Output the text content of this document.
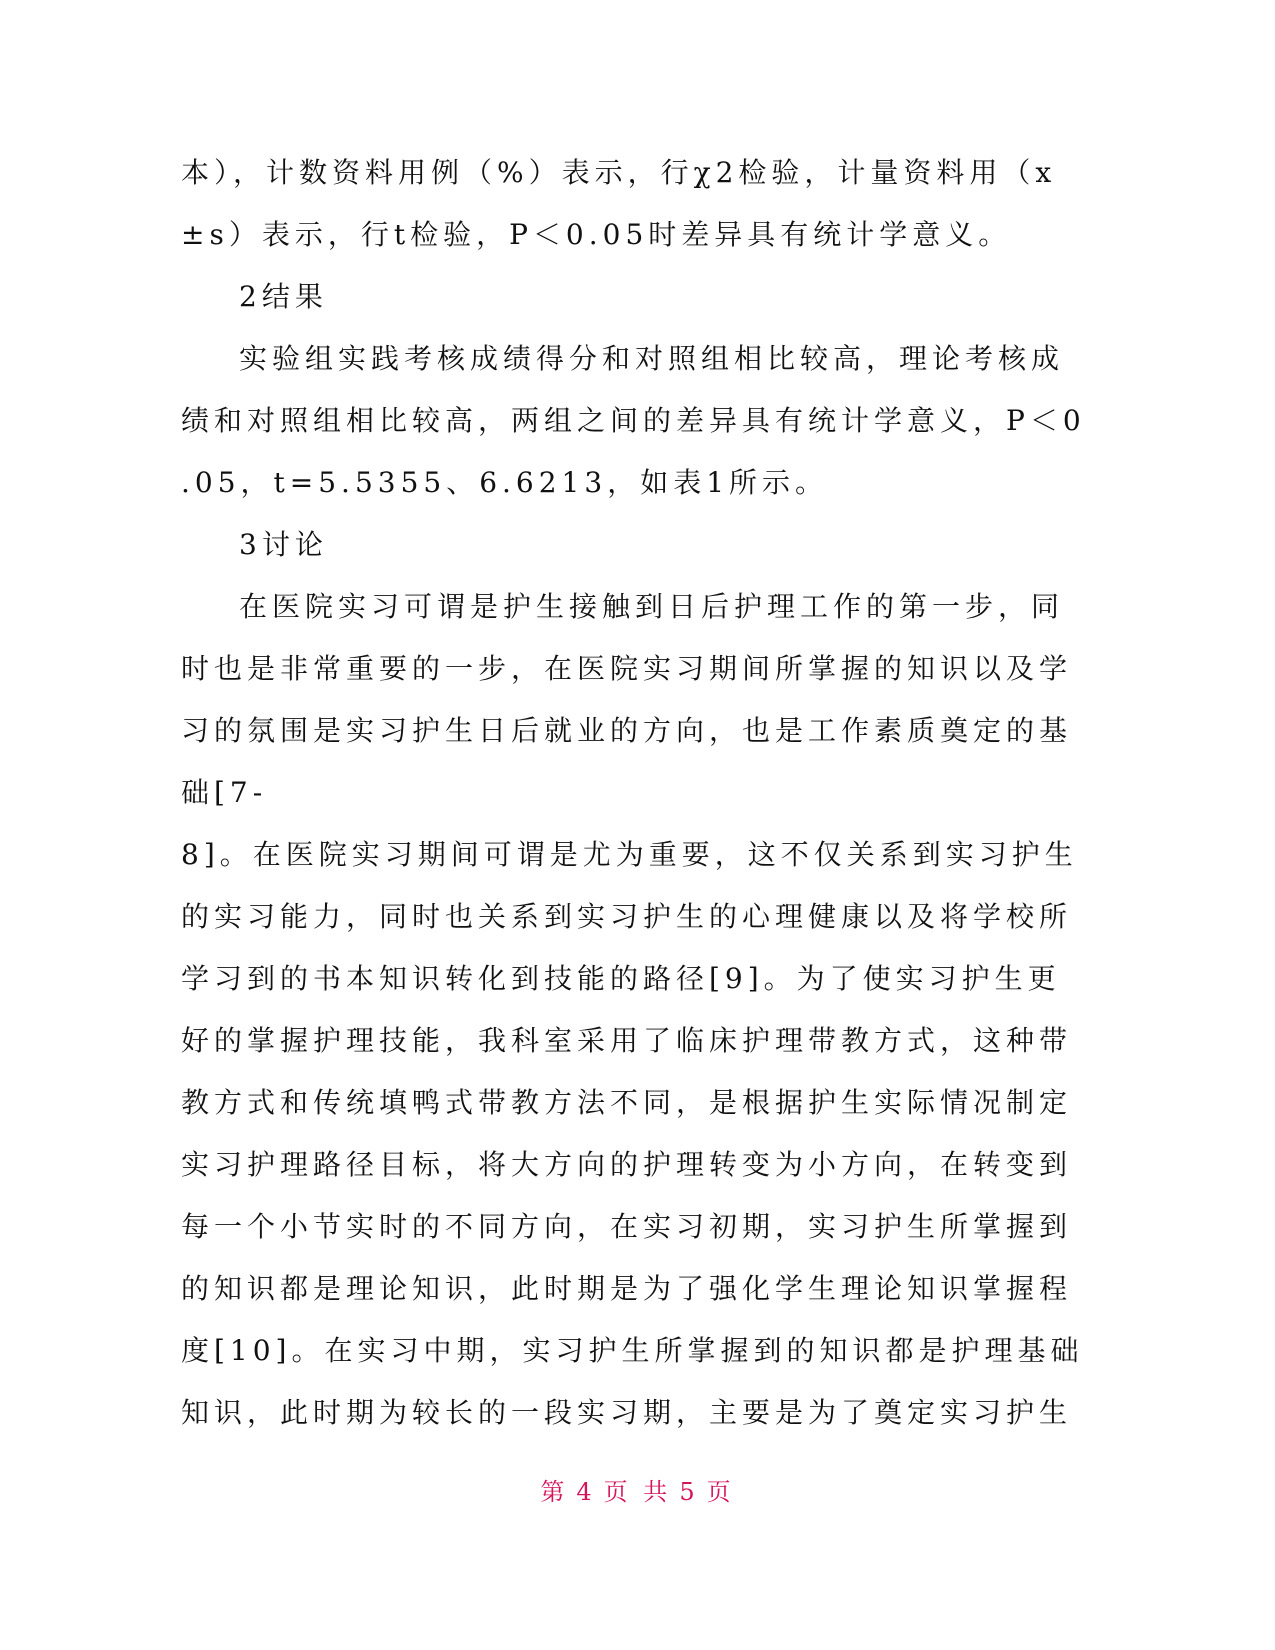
本），计数资料用例（%）表示，行χ2检验，计量资料用（x
±s）表示，行t检验，P＜0.05时差异具有统计学意义。
2结果
实验组实践考核成绩得分和对照组相比较高，理论考核成
绩和对照组相比较高，两组之间的差异具有统计学意义，P＜0
.05，t=5.5355、6.6213，如表1所示。
3讨论
在医院实习可谓是护生接触到日后护理工作的第一步，同
时也是非常重要的一步，在医院实习期间所掌握的知识以及学
习的氛围是实习护生日后就业的方向，也是工作素质奠定的基
础[7-
8]。在医院实习期间可谓是尤为重要，这不仅关系到实习护生
的实习能力，同时也关系到实习护生的心理健康以及将学校所
学习到的书本知识转化到技能的路径[9]。为了使实习护生更
好的掌握护理技能，我科室采用了临床护理带教方式，这种带
教方式和传统填鸭式带教方法不同，是根据护生实际情况制定
实习护理路径目标，将大方向的护理转变为小方向，在转变到
每一个小节实时的不同方向，在实习初期，实习护生所掌握到
的知识都是理论知识，此时期是为了强化学生理论知识掌握程
度[10]。在实习中期，实习护生所掌握到的知识都是护理基础
知识，此时期为较长的一段实习期，主要是为了奠定实习护生
第 4 页 共 5 页
